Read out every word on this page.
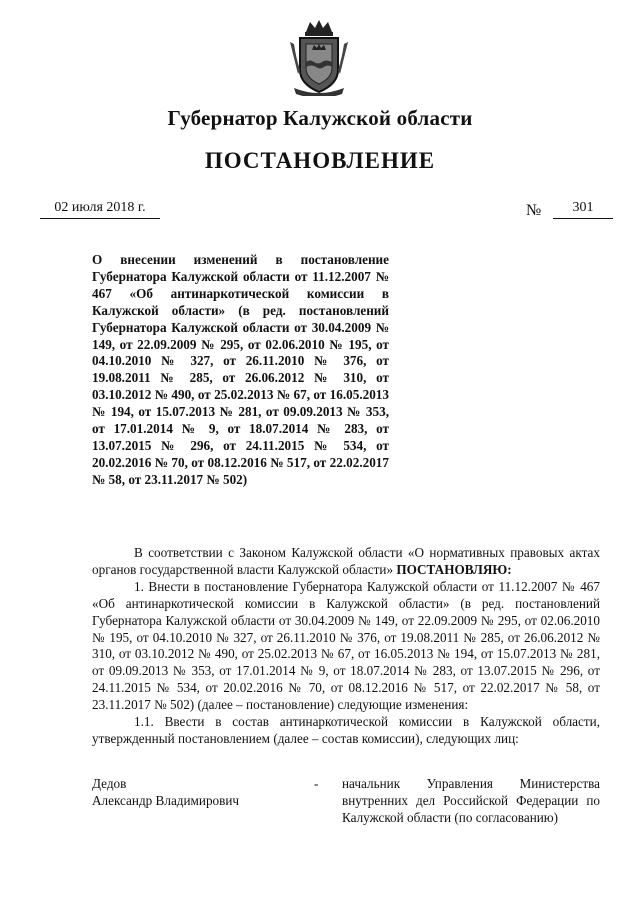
Губернатор Калужской области
ПОСТАНОВЛЕНИЕ
02 июля 2018 г.	№	301

О внесении изменений в постановление Губернатора Калужской области от 11.12.2007 № 467 «Об антинаркотической комиссии в Калужской области» (в ред. постановлений Губернатора Калужской области от 30.04.2009 № 149, от 22.09.2009 № 295, от 02.06.2010 № 195, от 04.10.2010 № 327, от 26.11.2010 № 376, от 19.08.2011 № 285, от 26.06.2012 № 310, от 03.10.2012 № 490, от 25.02.2013 № 67, от 16.05.2013 № 194, от 15.07.2013 № 281, от 09.09.2013 № 353, от 17.01.2014 № 9, от 18.07.2014 № 283, от 13.07.2015 № 296, от 24.11.2015 № 534, от 20.02.2016 № 70, от 08.12.2016 № 517, от 22.02.2017 № 58, от 23.11.2017 № 502)

В соответствии с Законом Калужской области «О нормативных правовых актах органов государственной власти Калужской области» ПОСТАНОВЛЯЮ:

1. Внести в постановление Губернатора Калужской области от 11.12.2007 № 467 «Об антинаркотической комиссии в Калужской области» (в ред. постановлений Губернатора Калужской области от 30.04.2009 № 149, от 22.09.2009 № 295, от 02.06.2010 № 195, от 04.10.2010 № 327, от 26.11.2010 № 376, от 19.08.2011 № 285, от 26.06.2012 № 310, от 03.10.2012 № 490, от 25.02.2013 № 67, от 16.05.2013 № 194, от 15.07.2013 № 281, от 09.09.2013 № 353, от 17.01.2014 № 9, от 18.07.2014 № 283, от 13.07.2015 № 296, от 24.11.2015 № 534, от 20.02.2016 № 70, от 08.12.2016 № 517, от 22.02.2017 № 58, от 23.11.2017 № 502) (далее – постановление) следующие изменения:

1.1. Ввести в состав антинаркотической комиссии в Калужской области, утвержденный постановлением (далее – состав комиссии), следующих лиц:

Дедов
Александр Владимирович
- начальник Управления Министерства внутренних дел Российской Федерации по Калужской области (по согласованию)
